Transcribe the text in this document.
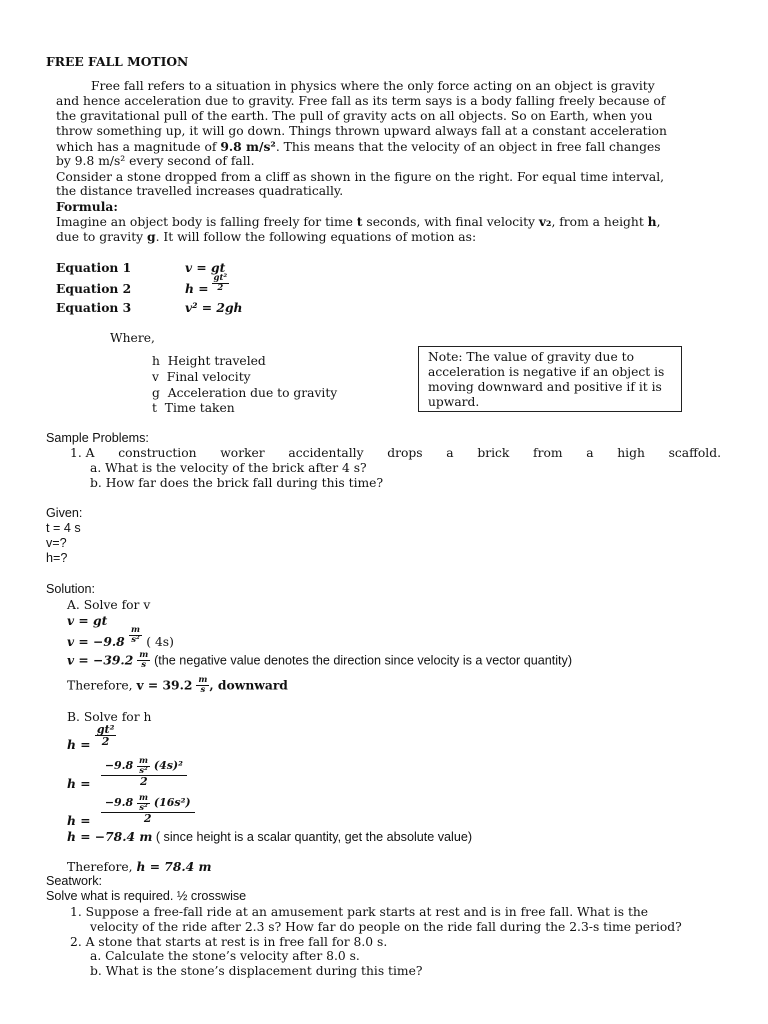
FREE FALL MOTION
Free fall refers to a situation in physics where the only force acting on an object is gravity
and hence acceleration due to gravity. Free fall as its term says is a body falling freely because of
the gravitational pull of the earth. The pull of gravity acts on all objects. So on Earth, when you
throw something up, it will go down. Things thrown upward always fall at a constant acceleration
which has a magnitude of 9.8 m/s². This means that the velocity of an object in free fall changes
by 9.8 m/s² every second of fall.
Consider a stone dropped from a cliff as shown in the figure on the right. For equal time interval,
the distance travelled increases quadratically.
Formula:
Imagine an object body is falling freely for time t seconds, with final velocity v₂, from a height h,
due to gravity g. It will follow the following equations of motion as:
Equation 1	v = gt
Equation 2	$h = \frac{\text{gt²}}{2}$
Equation 3	v² = 2gh
Where,
h Height traveled
v Final velocity
g Acceleration due to gravity
t Time taken
Note: The value of gravity due to
acceleration is negative if an object is
moving downward and positive if it is
upward.
Sample Problems:
1. A construction worker accidentally drops a brick from a high scaffold.
a. What is the velocity of the brick after 4 s?
b. How far does the brick fall during this time?
Given:
t = 4 s
v=?
h=?
Solution:
A. Solve for v
v = gt
$v = -9.8 \frac{m}{\text{s²}}$ ( 4s)
$v = -39.2 \frac{m}{s} (the$ negative value denotes the direction since velocity is a vector quantity)
Therefore, $v = 39.2 \frac{m}{s}$ , downward
B. Solve for h
$h = \frac{\text{gt²}}{2}$
$h = \frac{-9.8 \frac{m}{\text{s²}} (4s)^2}{2}$
$h = \frac{-9.8 \frac{m}{\text{s²}} (16s^2)}{2}$
h = −78.4 m ( since height is a scalar quantity, get the absolute value)
Therefore, h = 78.4 m
Seatwork:
Solve what is required. ½ crosswise
1. Suppose a free-fall ride at an amusement park starts at rest and is in free fall. What is the
velocity of the ride after 2.3 s? How far do people on the ride fall during the 2.3-s time period?
2. A stone that starts at rest is in free fall for 8.0 s.
a. Calculate the stone’s velocity after 8.0 s.
b. What is the stone’s displacement during this time?
